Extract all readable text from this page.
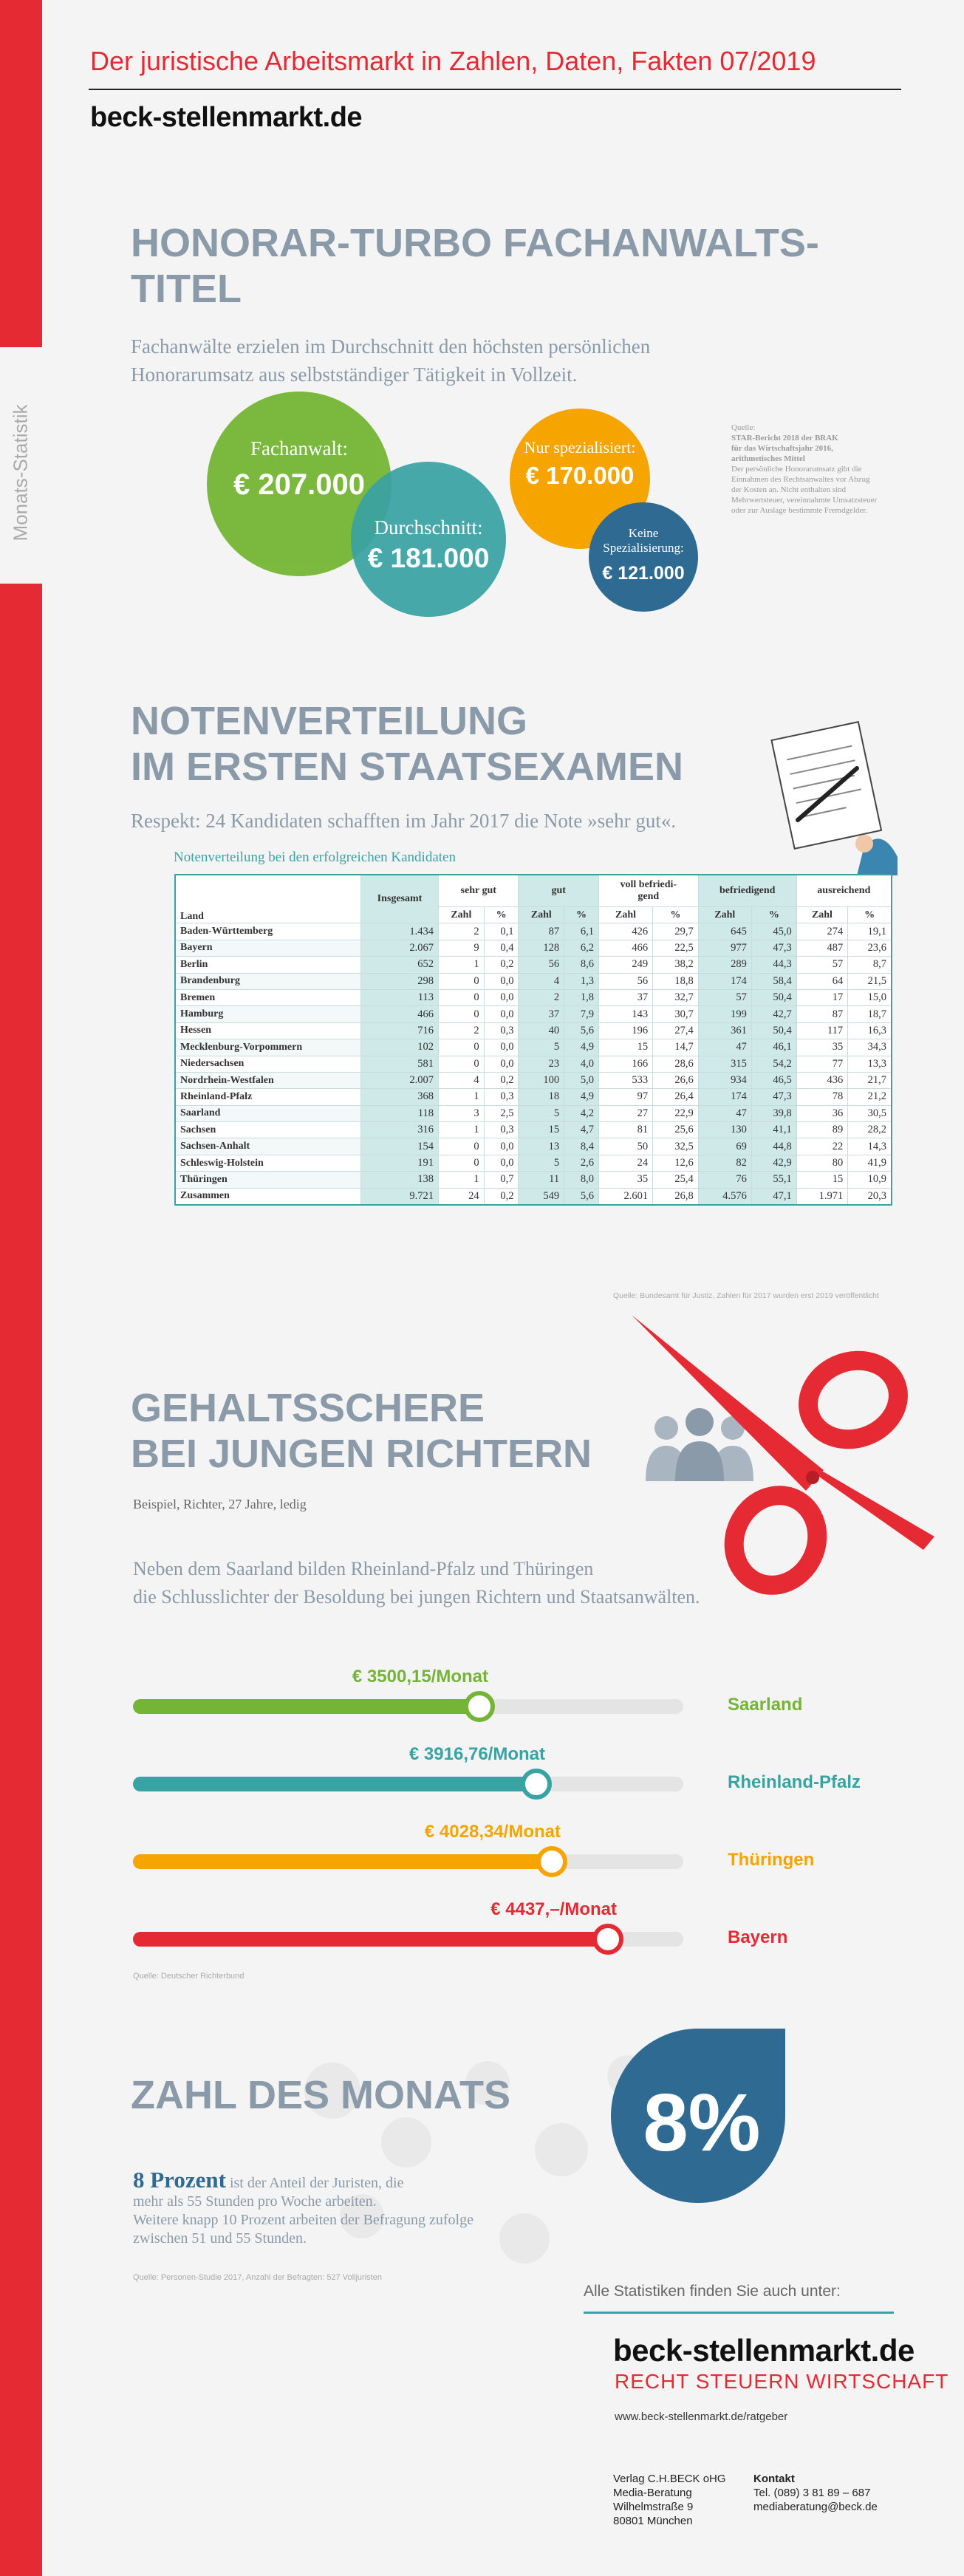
Monats-Statistik
Der juristische Arbeitsmarkt in Zahlen, Daten, Fakten 07/2019
beck-stellenmarkt.de
HONORAR-TURBO FACHANWALTS-
TITEL
Fachanwälte erzielen im Durchschnitt den höchsten persönlichen
Honorarumsatz aus selbstständiger Tätigkeit in Vollzeit.
Fachanwalt:
€ 207.000
Durchschnitt:
€ 181.000
Nur spezialisiert:
€ 170.000
Keine
Spezialisierung:
€ 121.000
Quelle:
STAR-Bericht 2018 der BRAK
für das Wirtschaftsjahr 2016,
arithmetisches Mittel
Der persönliche Honorarumsatz gibt die Einnahmen des Rechtsanwaltes vor Abzug der Kosten an. Nicht enthalten sind Mehrwertsteuer, vereinnahmte Umsatzsteuer oder zur Auslage bestimmte Fremdgelder.
NOTENVERTEILUNG
IM ERSTEN STAATSEXAMEN
Respekt: 24 Kandidaten schafften im Jahr 2017 die Note »sehr gut«.
Notenverteilung bei den erfolgreichen Kandidaten
Land	Insgesamt	sehr gut		gut		voll befriedi-
gend		befriedigend		ausreichend	
		Zahl	%	Zahl	%	Zahl	%	Zahl	%	Zahl	%
Baden-Württemberg	1.434	2	0,1	87	6,1	426	29,7	645	45,0	274	19,1
Bayern	2.067	9	0,4	128	6,2	466	22,5	977	47,3	487	23,6
Berlin	652	1	0,2	56	8,6	249	38,2	289	44,3	57	8,7
Brandenburg	298	0	0,0	4	1,3	56	18,8	174	58,4	64	21,5
Bremen	113	0	0,0	2	1,8	37	32,7	57	50,4	17	15,0
Hamburg	466	0	0,0	37	7,9	143	30,7	199	42,7	87	18,7
Hessen	716	2	0,3	40	5,6	196	27,4	361	50,4	117	16,3
Mecklenburg-Vorpommern	102	0	0,0	5	4,9	15	14,7	47	46,1	35	34,3
Niedersachsen	581	0	0,0	23	4,0	166	28,6	315	54,2	77	13,3
Nordrhein-Westfalen	2.007	4	0,2	100	5,0	533	26,6	934	46,5	436	21,7
Rheinland-Pfalz	368	1	0,3	18	4,9	97	26,4	174	47,3	78	21,2
Saarland	118	3	2,5	5	4,2	27	22,9	47	39,8	36	30,5
Sachsen	316	1	0,3	15	4,7	81	25,6	130	41,1	89	28,2
Sachsen-Anhalt	154	0	0,0	13	8,4	50	32,5	69	44,8	22	14,3
Schleswig-Holstein	191	0	0,0	5	2,6	24	12,6	82	42,9	80	41,9
Thüringen	138	1	0,7	11	8,0	35	25,4	76	55,1	15	10,9
Zusammen	9.721	24	0,2	549	5,6	2.601	26,8	4.576	47,1	1.971	20,3
Quelle: Bundesamt für Justiz, Zahlen für 2017 wurden erst 2019 veröffentlicht
GEHALTSSCHERE
BEI JUNGEN RICHTERN
Beispiel, Richter, 27 Jahre, ledig
Neben dem Saarland bilden Rheinland-Pfalz und Thüringen
die Schlusslichter der Besoldung bei jungen Richtern und Staatsanwälten.
€ 3500,15/Monat
Saarland
€ 3916,76/Monat
Rheinland-Pfalz
€ 4028,34/Monat
Thüringen
€ 4437,–/Monat
Bayern
Quelle: Deutscher Richterbund
ZAHL DES MONATS 8%
8 Prozent ist der Anteil der Juristen, die
mehr als 55 Stunden pro Woche arbeiten.
Weitere knapp 10 Prozent arbeiten der Befragung zufolge
zwischen 51 und 55 Stunden.
Quelle: Personen-Studie 2017, Anzahl der Befragten: 527 Volljuristen
Alle Statistiken finden Sie auch unter:
beck-stellenmarkt.de
RECHT STEUERN WIRTSCHAFT
www.beck-stellenmarkt.de/ratgeber
Verlag C.H.BECK oHG
Media-Beratung
Wilhelmstraße 9
80801 München
Kontakt
Tel. (089) 3 81 89 – 687
mediaberatung@beck.de
